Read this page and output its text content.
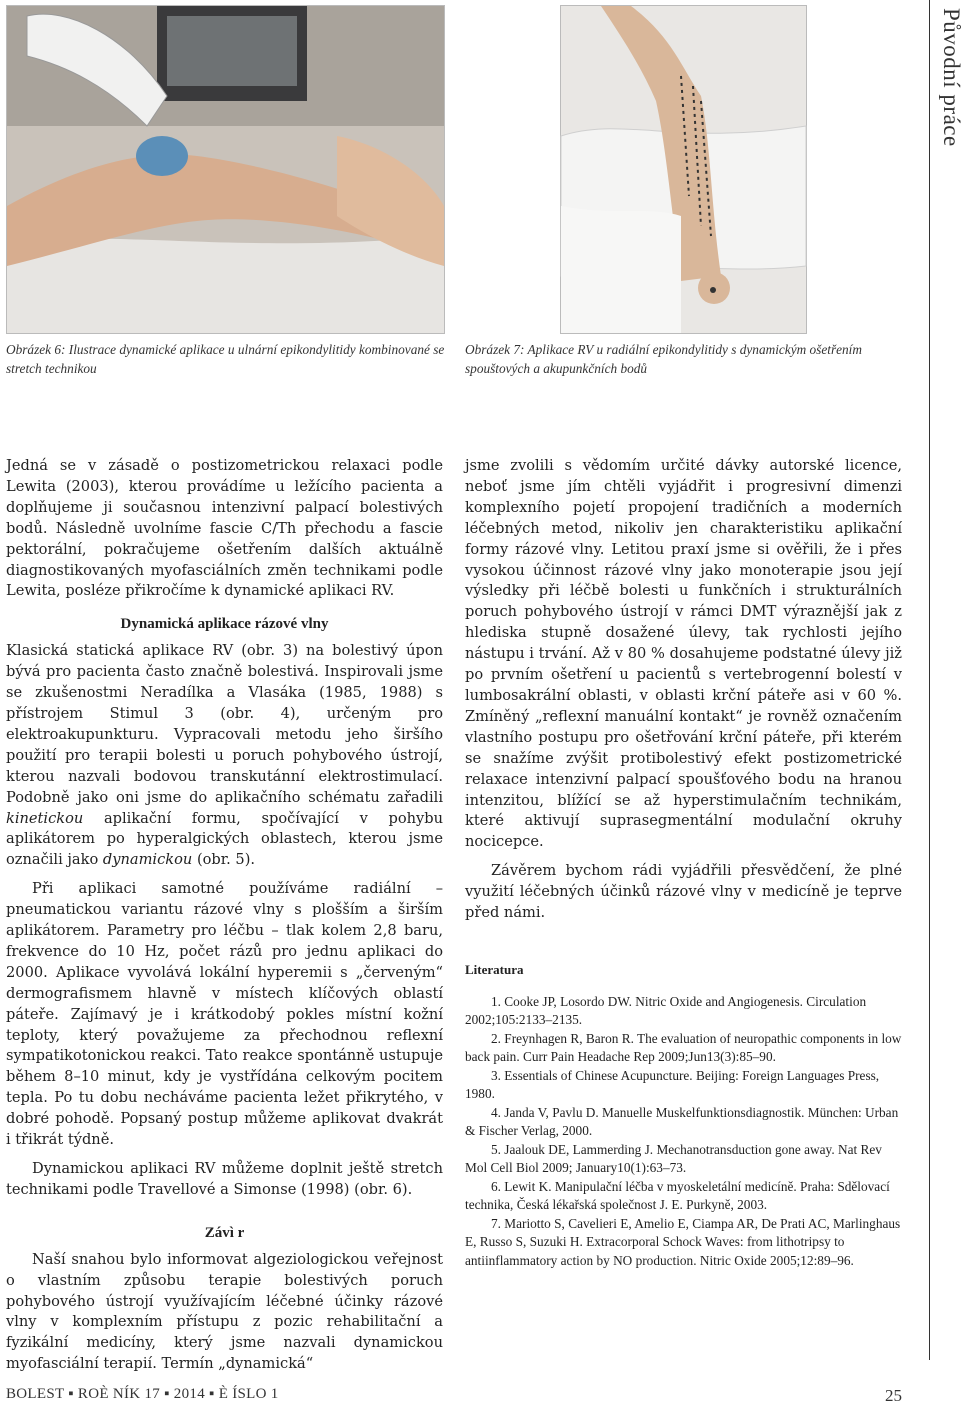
Obrázek 6: Ilustrace dynamické aplikace u ulnární epikondylitidy kombinované se stretch technikou
Obrázek 7: Aplikace RV u radiální epikondylitidy s dynamickým ošetřením spouštových a akupunkčních bodů
Původní práce

Jedná se v zásadě o postizometrickou relaxaci podle Lewita (2003), kterou provádíme u ležícího pacienta a doplňujeme ji současnou intenzivní palpací bolestivých bodů. Následně uvolníme fascie C/Th přechodu a fascie pektorální, pokračujeme ošetřením dalších aktuálně diagnostikovaných myofasciálních změn technikami podle Lewita, posléze přikročíme k dynamické aplikaci RV.

Dynamická aplikace rázové vlny

Klasická statická aplikace RV (obr. 3) na bolestivý úpon bývá pro pacienta často značně bolestivá. Inspirovali jsme se zkušenostmi Neradílka a Vlasáka (1985, 1988) s přístrojem Stimul 3 (obr. 4), určeným pro elektroakupunkturu. Vypracovali metodu jeho širšího použití pro terapii bolesti u poruch pohybového ústrojí, kterou nazvali bodovou transkutánní elektrostimulací. Podobně jako oni jsme do aplikačního schématu zařadili kinetickou aplikační formu, spočívající v pohybu aplikátorem po hyperalgických oblastech, kterou jsme označili jako dynamickou (obr. 5).

Při aplikaci samotné používáme radiální – pneumatickou variantu rázové vlny s plošším a širším aplikátorem. Parametry pro léčbu – tlak kolem 2,8 baru, frekvence do 10 Hz, počet rázů pro jednu aplikaci do 2000. Aplikace vyvolává lokální hyperemii s „červeným“ dermografismem hlavně v místech klíčových oblastí páteře. Zajímavý je i krátkodobý pokles místní kožní teploty, který považujeme za přechodnou reflexní sympatikotonickou reakci. Tato reakce spontánně ustupuje během 8–10 minut, kdy je vystřídána celkovým pocitem tepla. Po tu dobu necháváme pacienta ležet přikrytého, v dobré pohodě. Popsaný postup můžeme aplikovat dvakrát i třikrát týdně.

Dynamickou aplikaci RV můžeme doplnit ještě stretch technikami podle Travellové a Simonse (1998) (obr. 6).

Závì r

Naší snahou bylo informovat algeziologickou veřejnost o vlastním způsobu terapie bolestivých poruch pohybového ústrojí využívajícím léčebné účinky rázové vlny v komplexním přístupu z pozic rehabilitační a fyzikální medicíny, který jsme nazvali dynamickou myofasciální terapií. Termín „dynamická“

jsme zvolili s vědomím určité dávky autorské licence, neboť jsme jím chtěli vyjádřit i progresivní dimenzi komplexního pojetí propojení tradičních a moderních léčebných metod, nikoliv jen charakteristiku aplikační formy rázové vlny. Letitou praxí jsme si ověřili, že i přes vysokou účinnost rázové vlny jako monoterapie jsou její výsledky při léčbě bolesti u funkčních i strukturálních poruch pohybového ústrojí v rámci DMT výraznější jak z hlediska stupně dosažené úlevy, tak rychlosti jejího nástupu i trvání. Až v 80 % dosahujeme podstatné úlevy již po prvním ošetření u pacientů s vertebrogenní bolestí v lumbosakrální oblasti, v oblasti krční páteře asi v 60 %. Zmíněný „reflexní manuální kontakt“ je rovněž označením vlastního postupu pro ošetřování krční páteře, při kterém se snažíme zvýšit protibolestivý efekt postizometrické relaxace intenzivní palpací spoušťového bodu na hranou intenzitou, blížící se až hyperstimulačním technikám, které aktivují suprasegmentální modulační okruhy nocicepce.

Závěrem bychom rádi vyjádřili přesvědčení, že plné využití léčebných účinků rázové vlny v medicíně je teprve před námi.

Literatura

1. Cooke JP, Losordo DW. Nitric Oxide and Angiogenesis. Circulation 2002;105:2133–2135.

2. Freynhagen R, Baron R. The evaluation of neuropathic components in low back pain. Curr Pain Headache Rep 2009;Jun13(3):85–90.

3. Essentials of Chinese Acupuncture. Beijing: Foreign Languages Press, 1980.

4. Janda V, Pavlu D. Manuelle Muskelfunktionsdiagnostik. München: Urban & Fischer Verlag, 2000.

5. Jaalouk DE, Lammerding J. Mechanotransduction gone away. Nat Rev Mol Cell Biol 2009; January10(1):63–73.

6. Lewit K. Manipulační léčba v myoskeletální medicíně. Praha: Sdělovací technika, Česká lékařská společnost J. E. Purkyně, 2003.

7. Mariotto S, Cavelieri E, Amelio E, Ciampa AR, De Prati AC, Marlinghaus E, Russo S, Suzuki H. Extracorporal Schock Waves: from lithotripsy to antiinflammatory action by NO production. Nitric Oxide 2005;12:89–96.

BOLEST ▪ ROÈ NÍK 17 ▪ 2014 ▪ È ÍSLO 1	25
